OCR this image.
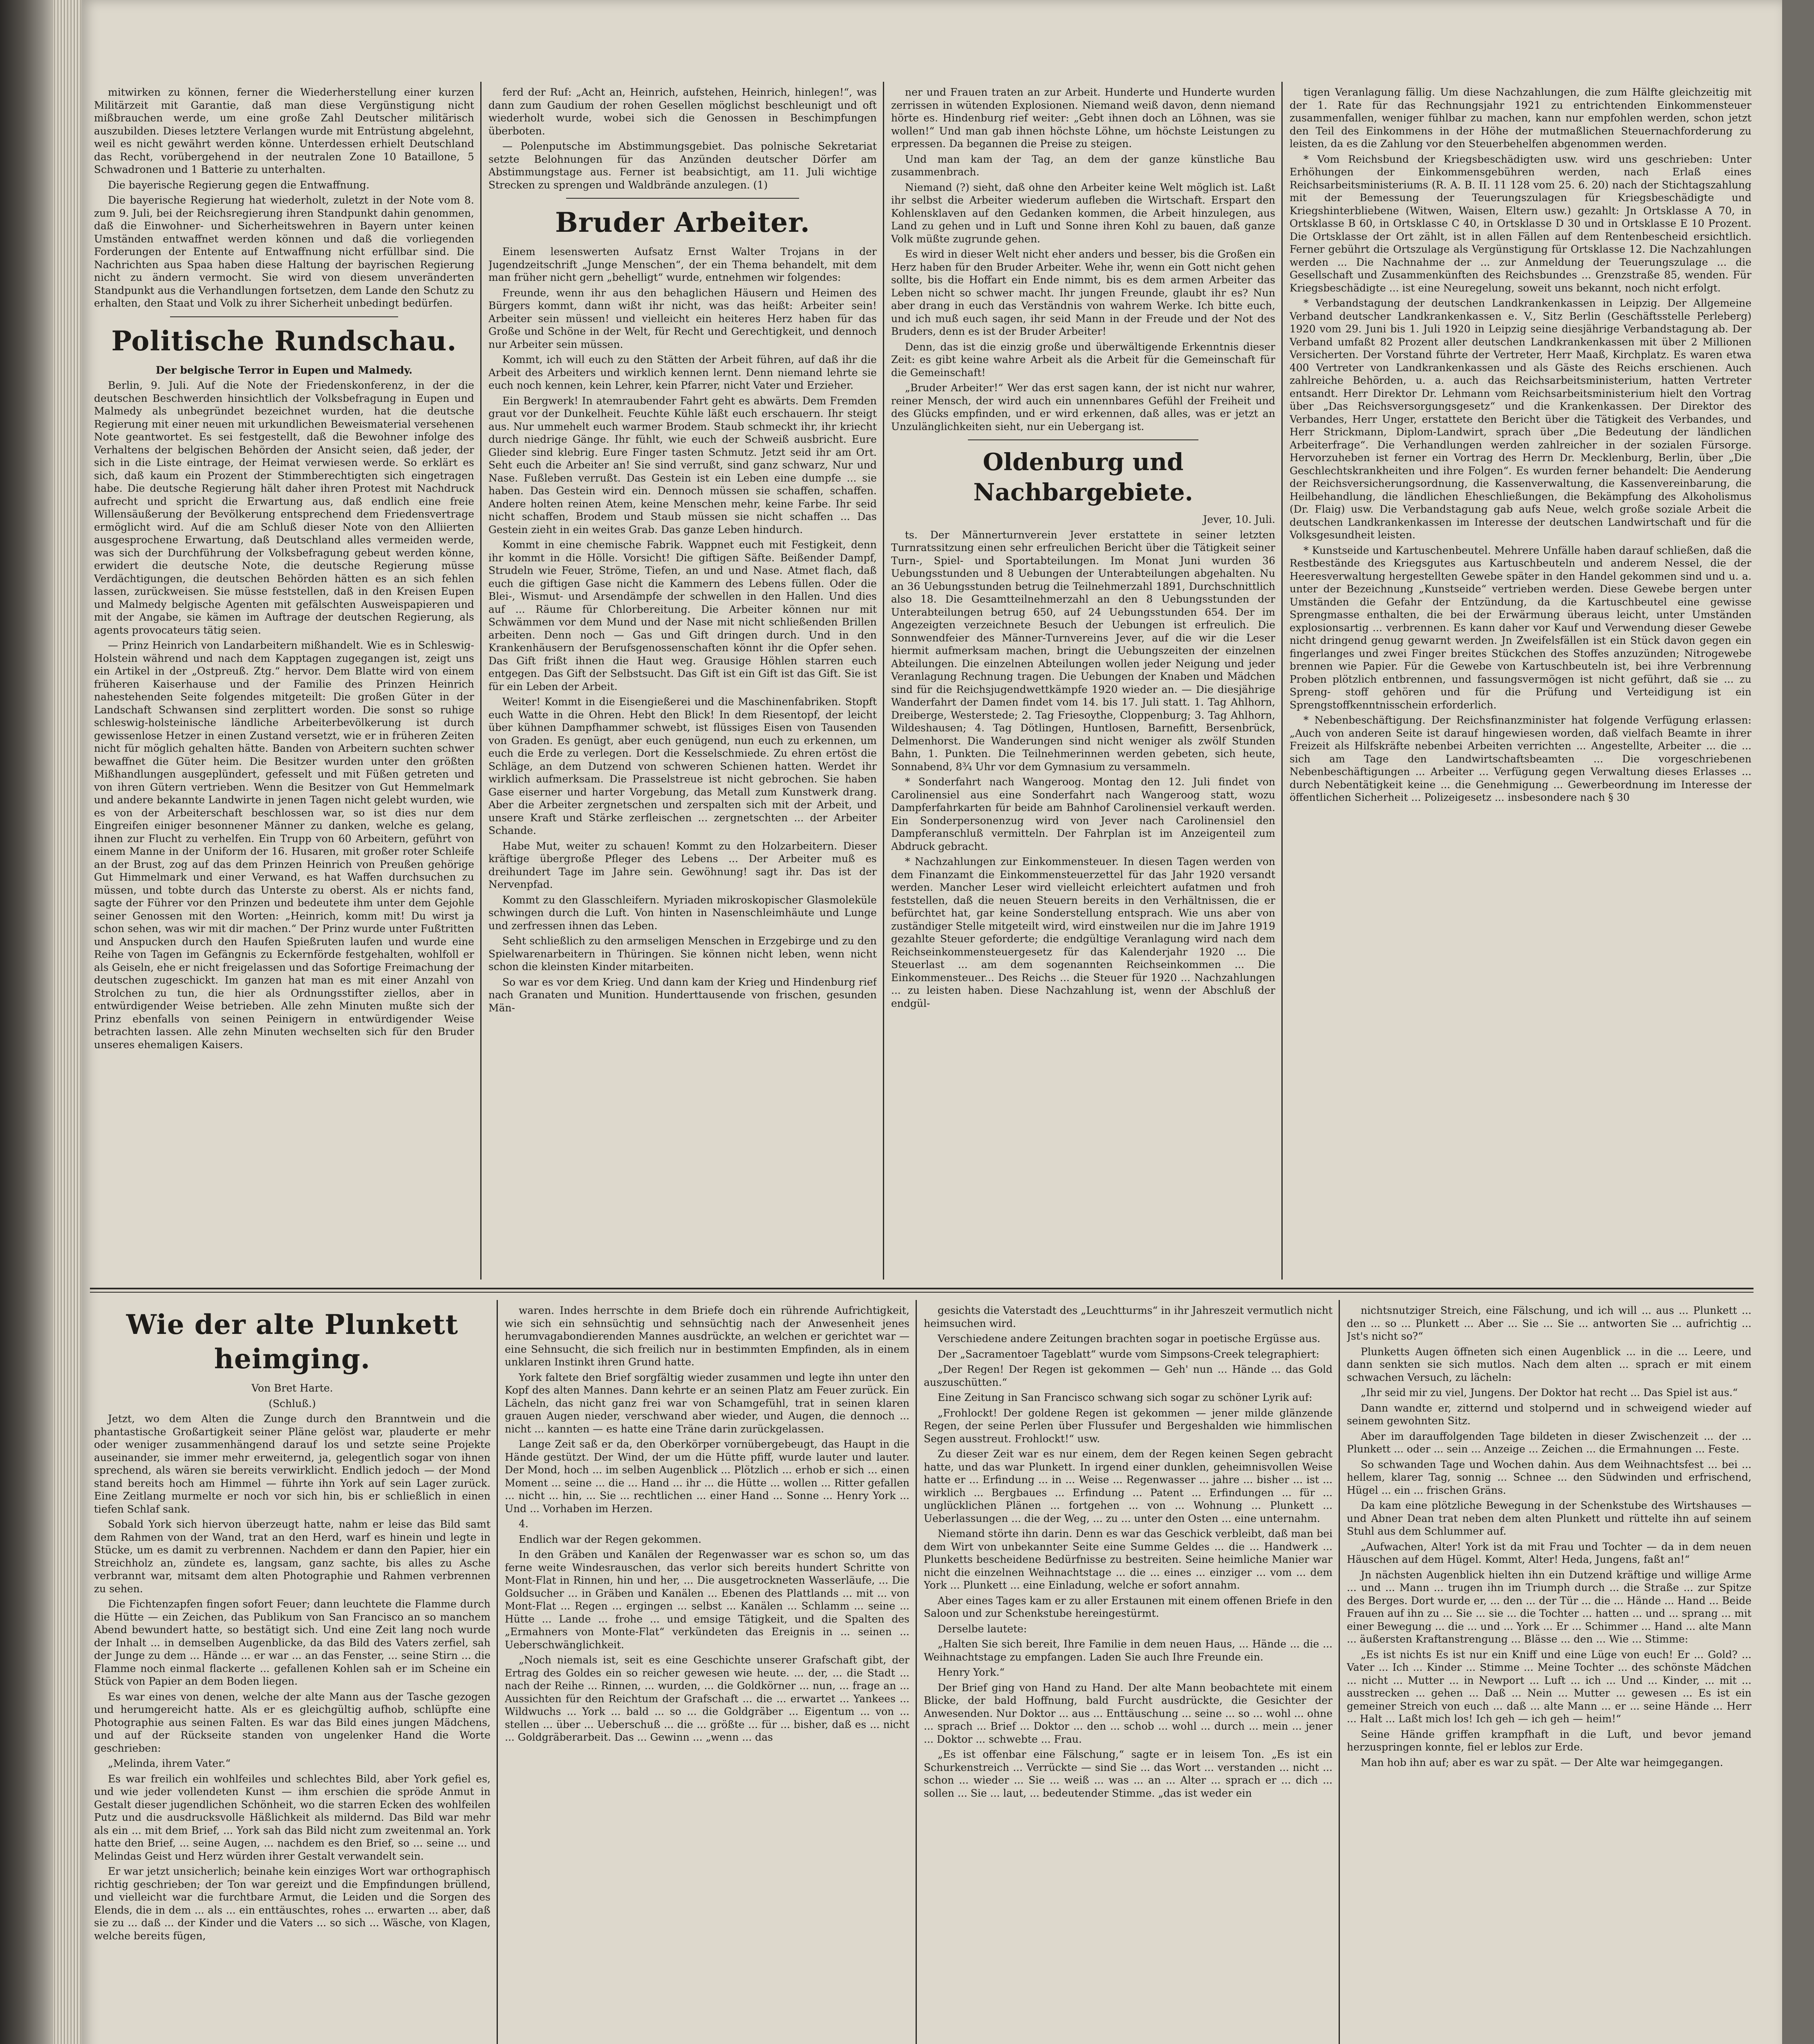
mitwirken zu können, ferner die Wiederherstellung einer kurzen Militärzeit mit Garantie, daß man diese Vergünstigung nicht mißbrauchen werde, um eine große Zahl Deutscher militärisch auszubilden. Dieses letztere Verlangen wurde mit Entrüstung abgelehnt, weil es nicht gewährt werden könne. Unterdessen erhielt Deutschland das Recht, vorübergehend in der neutralen Zone 10 Bataillone, 5 Schwadronen und 1 Batterie zu unterhalten.

Die bayerische Regierung gegen die Entwaffnung.

Die bayerische Regierung hat wiederholt, zuletzt in der Note vom 8. zum 9. Juli, bei der Reichsregierung ihren Standpunkt dahin genommen, daß die Einwohner- und Sicherheitswehren in Bayern unter keinen Umständen entwaffnet werden können und daß die vorliegenden Forderungen der Entente auf Entwaffnung nicht erfüllbar sind. Die Nachrichten aus Spaa haben diese Haltung der bayrischen Regierung nicht zu ändern vermocht. Sie wird von diesem unveränderten Standpunkt aus die Verhandlungen fortsetzen, dem Lande den Schutz zu erhalten, den Staat und Volk zu ihrer Sicherheit unbedingt bedürfen.

Politische Rundschau.

Der belgische Terror in Eupen und Malmedy.

Berlin, 9. Juli. Auf die Note der Friedenskonferenz, in der die deutschen Beschwerden hinsichtlich der Volksbefragung in Eupen und Malmedy als unbegründet bezeichnet wurden, hat die deutsche Regierung mit einer neuen mit urkundlichen Beweismaterial versehenen Note geantwortet. Es sei festgestellt, daß die Bewohner infolge des Verhaltens der belgischen Behörden der Ansicht seien, daß jeder, der sich in die Liste eintrage, der Heimat verwiesen werde. So erklärt es sich, daß kaum ein Prozent der Stimmberechtigten sich eingetragen habe. Die deutsche Regierung hält daher ihren Protest mit Nachdruck aufrecht und spricht die Erwartung aus, daß endlich eine freie Willensäußerung der Bevölkerung entsprechend dem Friedensvertrage ermöglicht wird. Auf die am Schluß dieser Note von den Alliierten ausgesprochene Erwartung, daß Deutschland alles vermeiden werde, was sich der Durchführung der Volksbefragung gebeut werden könne, erwidert die deutsche Note, die deutsche Regierung müsse Verdächtigungen, die deutschen Behörden hätten es an sich fehlen lassen, zurückweisen. Sie müsse feststellen, daß in den Kreisen Eupen und Malmedy belgische Agenten mit gefälschten Ausweispapieren und mit der Angabe, sie kämen im Auftrage der deutschen Regierung, als agents provocateurs tätig seien.

— Prinz Heinrich von Landarbeitern mißhandelt. Wie es in Schleswig-Holstein während und nach dem Kapptagen zugegangen ist, zeigt uns ein Artikel in der „Ostpreuß. Ztg.“ hervor. Dem Blatte wird von einem früheren Kaiserhause und der Familie des Prinzen Heinrich nahestehenden Seite folgendes mitgeteilt: Die großen Güter in der Landschaft Schwansen sind zerplittert worden. Die sonst so ruhige schleswig-holsteinische ländliche Arbeiterbevölkerung ist durch gewissenlose Hetzer in einen Zustand versetzt, wie er in früheren Zeiten nicht für möglich gehalten hätte. Banden von Arbeitern suchten schwer bewaffnet die Güter heim. Die Besitzer wurden unter den größten Mißhandlungen ausgeplündert, gefesselt und mit Füßen getreten und von ihren Gütern vertrieben. Wenn die Besitzer von Gut Hemmelmark und andere bekannte Landwirte in jenen Tagen nicht gelebt wurden, wie es von der Arbeiterschaft beschlossen war, so ist dies nur dem Eingreifen einiger besonnener Männer zu danken, welche es gelang, ihnen zur Flucht zu verhelfen. Ein Trupp von 60 Arbeitern, geführt von einem Manne in der Uniform der 16. Husaren, mit großer roter Schleife an der Brust, zog auf das dem Prinzen Heinrich von Preußen gehörige Gut Himmelmark und einer Verwand, es hat Waffen durchsuchen zu müssen, und tobte durch das Unterste zu oberst. Als er nichts fand, sagte der Führer vor den Prinzen und bedeutete ihm unter dem Gejohle seiner Genossen mit den Worten: „Heinrich, komm mit! Du wirst ja schon sehen, was wir mit dir machen.“ Der Prinz wurde unter Fußtritten und Anspucken durch den Haufen Spießruten laufen und wurde eine Reihe von Tagen im Gefängnis zu Eckernförde festgehalten, wohlfoll er als Geiseln, ehe er nicht freigelassen und das Sofortige Freimachung der deutschen zugeschickt. Im ganzen hat man es mit einer Anzahl von Strolchen zu tun, die hier als Ordnungsstifter ziellos, aber in entwürdigender Weise betrieben. Alle zehn Minuten mußte sich der Prinz ebenfalls von seinen Peinigern in entwürdigender Weise betrachten lassen. Alle zehn Minuten wechselten sich für den Bruder unseres ehemaligen Kaisers.

ferd der Ruf: „Acht an, Heinrich, aufstehen, Heinrich, hinlegen!“, was dann zum Gaudium der rohen Gesellen möglichst beschleunigt und oft wiederholt wurde, wobei sich die Genossen in Beschimpfungen überboten.

— Polenputsche im Abstimmungsgebiet. Das polnische Sekretariat setzte Belohnungen für das Anzünden deutscher Dörfer am Abstimmungstage aus. Ferner ist beabsichtigt, am 11. Juli wichtige Strecken zu sprengen und Waldbrände anzulegen. (1)

Bruder Arbeiter.

Einem lesenswerten Aufsatz Ernst Walter Trojans in der Jugendzeitschrift „Junge Menschen“, der ein Thema behandelt, mit dem man früher nicht gern „behelligt“ wurde, entnehmen wir folgendes:

Freunde, wenn ihr aus den behaglichen Häusern und Heimen des Bürgers kommt, dann wißt ihr nicht, was das heißt: Arbeiter sein! Arbeiter sein müssen! und vielleicht ein heiteres Herz haben für das Große und Schöne in der Welt, für Recht und Gerechtigkeit, und dennoch nur Arbeiter sein müssen.

Kommt, ich will euch zu den Stätten der Arbeit führen, auf daß ihr die Arbeit des Arbeiters und wirklich kennen lernt. Denn niemand lehrte sie euch noch kennen, kein Lehrer, kein Pfarrer, nicht Vater und Erzieher.

Ein Bergwerk! In atemraubender Fahrt geht es abwärts. Dem Fremden graut vor der Dunkelheit. Feuchte Kühle läßt euch erschauern. Ihr steigt aus. Nur ummehelt euch warmer Brodem. Staub schmeckt ihr, ihr kriecht durch niedrige Gänge. Ihr fühlt, wie euch der Schweiß ausbricht. Eure Glieder sind klebrig. Eure Finger tasten Schmutz. Jetzt seid ihr am Ort. Seht euch die Arbeiter an! Sie sind verrußt, sind ganz schwarz, Nur und Nase. Fußleben verrußt. Das Gestein ist ein Leben eine dumpfe ... sie haben. Das Gestein wird ein. Dennoch müssen sie schaffen, schaffen. Andere holten reinen Atem, keine Menschen mehr, keine Farbe. Ihr seid nicht schaffen, Brodem und Staub müssen sie nicht schaffen ... Das Gestein zieht in ein weites Grab. Das ganze Leben hindurch.

Kommt in eine chemische Fabrik. Wappnet euch mit Festigkeit, denn ihr kommt in die Hölle. Vorsicht! Die giftigen Säfte. Beißender Dampf, Strudeln wie Feuer, Ströme, Tiefen, an und und Nase. Atmet flach, daß euch die giftigen Gase nicht die Kammern des Lebens füllen. Oder die Blei-, Wismut- und Arsendämpfe der schwellen in den Hallen. Und dies auf ... Räume für Chlorbereitung. Die Arbeiter können nur mit Schwämmen vor dem Mund und der Nase mit nicht schließenden Brillen arbeiten. Denn noch — Gas und Gift dringen durch. Und in den Krankenhäusern der Berufsgenossenschaften könnt ihr die Opfer sehen. Das Gift frißt ihnen die Haut weg. Grausige Höhlen starren euch entgegen. Das Gift der Selbstsucht. Das Gift ist ein Gift ist das Gift. Sie ist für ein Leben der Arbeit.

Weiter! Kommt in die Eisengießerei und die Maschinenfabriken. Stopft euch Watte in die Ohren. Hebt den Blick! In dem Riesentopf, der leicht über kühnen Dampfhammer schwebt, ist flüssiges Eisen von Tausenden von Graden. Es genügt, aber euch genügend, nun euch zu erkennen, um euch die Erde zu verlegen. Dort die Kesselschmiede. Zu ehren ertöst die Schläge, an dem Dutzend von schweren Schienen hatten. Werdet ihr wirklich aufmerksam. Die Prasselstreue ist nicht gebrochen. Sie haben Gase eiserner und harter Vorgebung, das Metall zum Kunstwerk drang. Aber die Arbeiter zergnetschen und zerspalten sich mit der Arbeit, und unsere Kraft und Stärke zerfleischen ... zergnetschten ... der Arbeiter Schande.

Habe Mut, weiter zu schauen! Kommt zu den Holzarbeitern. Dieser kräftige übergroße Pfleger des Lebens ... Der Arbeiter muß es dreihundert Tage im Jahre sein. Gewöhnung! sagt ihr. Das ist der Nervenpfad.

Kommt zu den Glasschleifern. Myriaden mikroskopischer Glasmoleküle schwingen durch die Luft. Von hinten in Nasenschleimhäute und Lunge und zerfressen ihnen das Leben.

Seht schließlich zu den armseligen Menschen in Erzgebirge und zu den Spielwarenarbeitern in Thüringen. Sie können nicht leben, wenn nicht schon die kleinsten Kinder mitarbeiten.

So war es vor dem Krieg. Und dann kam der Krieg und Hindenburg rief nach Granaten und Munition. Hunderttausende von frischen, gesunden Män-

ner und Frauen traten an zur Arbeit. Hunderte und Hunderte wurden zerrissen in wütenden Explosionen. Niemand weiß davon, denn niemand hörte es. Hindenburg rief weiter: „Gebt ihnen doch an Löhnen, was sie wollen!“ Und man gab ihnen höchste Löhne, um höchste Leistungen zu erpressen. Da begannen die Preise zu steigen.

Und man kam der Tag, an dem der ganze künstliche Bau zusammenbrach.

Niemand (?) sieht, daß ohne den Arbeiter keine Welt möglich ist. Laßt ihr selbst die Arbeiter wiederum aufleben die Wirtschaft. Erspart den Kohlensklaven auf den Gedanken kommen, die Arbeit hinzulegen, aus Land zu gehen und in Luft und Sonne ihren Kohl zu bauen, daß ganze Volk müßte zugrunde gehen.

Es wird in dieser Welt nicht eher anders und besser, bis die Großen ein Herz haben für den Bruder Arbeiter. Wehe ihr, wenn ein Gott nicht gehen sollte, bis die Hoffart ein Ende nimmt, bis es dem armen Arbeiter das Leben nicht so schwer macht. Ihr jungen Freunde, glaubt ihr es? Nun aber drang in euch das Verständnis von wahrem Werke. Ich bitte euch, und ich muß euch sagen, ihr seid Mann in der Freude und der Not des Bruders, denn es ist der Bruder Arbeiter!

Denn, das ist die einzig große und überwältigende Erkenntnis dieser Zeit: es gibt keine wahre Arbeit als die Arbeit für die Gemeinschaft für die Gemeinschaft!

„Bruder Arbeiter!“ Wer das erst sagen kann, der ist nicht nur wahrer, reiner Mensch, der wird auch ein unnennbares Gefühl der Freiheit und des Glücks empfinden, und er wird erkennen, daß alles, was er jetzt an Unzulänglichkeiten sieht, nur ein Uebergang ist.

Oldenburg und Nachbargebiete.

Jever, 10. Juli.

ts. Der Männerturnverein Jever erstattete in seiner letzten Turnratssitzung einen sehr erfreulichen Bericht über die Tätigkeit seiner Turn-, Spiel- und Sportabteilungen. Im Monat Juni wurden 36 Uebungsstunden und 8 Uebungen der Unterabteilungen abgehalten. Nu an 36 Uebungsstunden betrug die Teilnehmerzahl 1891, Durchschnittlich also 18. Die Gesamtteilnehmerzahl an den 8 Uebungsstunden der Unterabteilungen betrug 650, auf 24 Uebungsstunden 654. Der im Angezeigten verzeichnete Besuch der Uebungen ist erfreulich. Die Sonnwendfeier des Männer-Turnvereins Jever, auf die wir die Leser hiermit aufmerksam machen, bringt die Uebungszeiten der einzelnen Abteilungen. Die einzelnen Abteilungen wollen jeder Neigung und jeder Veranlagung Rechnung tragen. Die Uebungen der Knaben und Mädchen sind für die Reichsjugendwettkämpfe 1920 wieder an. — Die diesjährige Wanderfahrt der Damen findet vom 14. bis 17. Juli statt. 1. Tag Ahlhorn, Dreiberge, Westerstede; 2. Tag Friesoythe, Cloppenburg; 3. Tag Ahlhorn, Wildeshausen; 4. Tag Dötlingen, Huntlosen, Barnefitt, Bersenbrück, Delmenhorst. Die Wanderungen sind nicht weniger als zwölf Stunden Bahn, 1. Punkten. Die Teilnehmerinnen werden gebeten, sich heute, Sonnabend, 8¾ Uhr vor dem Gymnasium zu versammeln.

* Sonderfahrt nach Wangeroog. Montag den 12. Juli findet von Carolinensiel aus eine Sonderfahrt nach Wangeroog statt, wozu Dampferfahrkarten für beide am Bahnhof Carolinensiel verkauft werden. Ein Sonderpersonenzug wird von Jever nach Carolinensiel den Dampferanschluß vermitteln. Der Fahrplan ist im Anzeigenteil zum Abdruck gebracht.

* Nachzahlungen zur Einkommensteuer. In diesen Tagen werden von dem Finanzamt die Einkommensteuerzettel für das Jahr 1920 versandt werden. Mancher Leser wird vielleicht erleichtert aufatmen und froh feststellen, daß die neuen Steuern bereits in den Verhältnissen, die er befürchtet hat, gar keine Sonderstellung entsprach. Wie uns aber von zuständiger Stelle mitgeteilt wird, wird einstweilen nur die im Jahre 1919 gezahlte Steuer geforderte; die endgültige Veranlagung wird nach dem Reichseinkommensteuergesetz für das Kalenderjahr 1920 ... Die Steuerlast ... am dem sogenannten Reichseinkommen ... Die Einkommensteuer... Des Reichs ... die Steuer für 1920 ... Nachzahlungen ... zu leisten haben. Diese Nachzahlung ist, wenn der Abschluß der endgül-

tigen Veranlagung fällig. Um diese Nachzahlungen, die zum Hälfte gleichzeitig mit der 1. Rate für das Rechnungsjahr 1921 zu entrichtenden Einkommensteuer zusammenfallen, weniger fühlbar zu machen, kann nur empfohlen werden, schon jetzt den Teil des Einkommens in der Höhe der mutmaßlichen Steuernachforderung zu leisten, da es die Zahlung vor den Steuerbehelfen abgenommen werden.

* Vom Reichsbund der Kriegsbeschädigten usw. wird uns geschrieben: Unter Erhöhungen der Einkommensgebühren werden, nach Erlaß eines Reichsarbeitsministeriums (R. A. B. II. 11 128 vom 25. 6. 20) nach der Stichtagszahlung mit der Bemessung der Teuerungszulagen für Kriegsbeschädigte und Kriegshinterbliebene (Witwen, Waisen, Eltern usw.) gezahlt: Jn Ortsklasse A 70, in Ortsklasse B 60, in Ortsklasse C 40, in Ortsklasse D 30 und in Ortsklasse E 10 Prozent. Die Ortsklasse der Ort zählt, ist in allen Fällen auf dem Rentenbescheid ersichtlich. Ferner gebührt die Ortszulage als Vergünstigung für Ortsklasse 12. Die Nachzahlungen werden ... Die Nachnahme der ... zur Anmeldung der Teuerungszulage ... die Gesellschaft und Zusammenkünften des Reichsbundes ... Grenzstraße 85, wenden. Für Kriegsbeschädigte ... ist eine Neuregelung, soweit uns bekannt, noch nicht erfolgt.

* Verbandstagung der deutschen Landkrankenkassen in Leipzig. Der Allgemeine Verband deutscher Landkrankenkassen e. V., Sitz Berlin (Geschäftsstelle Perleberg) 1920 vom 29. Juni bis 1. Juli 1920 in Leipzig seine diesjährige Verbandstagung ab. Der Verband umfaßt 82 Prozent aller deutschen Landkrankenkassen mit über 2 Millionen Versicherten. Der Vorstand führte der Vertreter, Herr Maaß, Kirchplatz. Es waren etwa 400 Vertreter von Landkrankenkassen und als Gäste des Reichs erschienen. Auch zahlreiche Behörden, u. a. auch das Reichsarbeitsministerium, hatten Vertreter entsandt. Herr Direktor Dr. Lehmann vom Reichsarbeitsministerium hielt den Vortrag über „Das Reichsversorgungsgesetz“ und die Krankenkassen. Der Direktor des Verbandes, Herr Unger, erstattete den Bericht über die Tätigkeit des Verbandes, und Herr Strickmann, Diplom-Landwirt, sprach über „Die Bedeutung der ländlichen Arbeiterfrage“. Die Verhandlungen werden zahlreicher in der sozialen Fürsorge. Hervorzuheben ist ferner ein Vortrag des Herrn Dr. Mecklenburg, Berlin, über „Die Geschlechtskrankheiten und ihre Folgen“. Es wurden ferner behandelt: Die Aenderung der Reichsversicherungsordnung, die Kassenverwaltung, die Kassenvereinbarung, die Heilbehandlung, die ländlichen Eheschließungen, die Bekämpfung des Alkoholismus (Dr. Flaig) usw. Die Verbandstagung gab aufs Neue, welch große soziale Arbeit die deutschen Landkrankenkassen im Interesse der deutschen Landwirtschaft und für die Volksgesundheit leisten.

* Kunstseide und Kartuschenbeutel. Mehrere Unfälle haben darauf schließen, daß die Restbestände des Kriegsgutes aus Kartuschbeuteln und anderem Nessel, die der Heeresverwaltung hergestellten Gewebe später in den Handel gekommen sind und u. a. unter der Bezeichnung „Kunstseide“ vertrieben werden. Diese Gewebe bergen unter Umständen die Gefahr der Entzündung, da die Kartuschbeutel eine gewisse Sprengmasse enthalten, die bei der Erwärmung überaus leicht, unter Umständen explosionsartig ... verbrennen. Es kann daher vor Kauf und Verwendung dieser Gewebe nicht dringend genug gewarnt werden. Jn Zweifelsfällen ist ein Stück davon gegen ein fingerlanges und zwei Finger breites Stückchen des Stoffes anzuzünden; Nitrogewebe brennen wie Papier. Für die Gewebe von Kartuschbeuteln ist, bei ihre Verbrennung Proben plötzlich entbrennen, und fassungsvermögen ist nicht geführt, daß sie ... zu Spreng- stoff gehören und für die Prüfung und Verteidigung ist ein Sprengstoffkenntnisschein erforderlich.

* Nebenbeschäftigung. Der Reichsfinanzminister hat folgende Verfügung erlassen: „Auch von anderen Seite ist darauf hingewiesen worden, daß vielfach Beamte in ihrer Freizeit als Hilfskräfte nebenbei Arbeiten verrichten ... Angestellte, Arbeiter ... die ... sich am Tage den Landwirtschaftsbeamten ... Die vorgeschriebenen Nebenbeschäftigungen ... Arbeiter ... Verfügung gegen Verwaltung dieses Erlasses ... durch Nebentätigkeit keine ... die Genehmigung ... Gewerbeordnung im Interesse der öffentlichen Sicherheit ... Polizeigesetz ... insbesondere nach § 30

Wie der alte Plunkett heimging.

Von Bret Harte.

(Schluß.)

Jetzt, wo dem Alten die Zunge durch den Branntwein und die phantastische Großartigkeit seiner Pläne gelöst war, plauderte er mehr oder weniger zusammenhängend darauf los und setzte seine Projekte auseinander, sie immer mehr erweiternd, ja, gelegentlich sogar von ihnen sprechend, als wären sie bereits verwirklicht. Endlich jedoch — der Mond stand bereits hoch am Himmel — führte ihn York auf sein Lager zurück. Eine Zeitlang murmelte er noch vor sich hin, bis er schließlich in einen tiefen Schlaf sank.

Sobald York sich hiervon überzeugt hatte, nahm er leise das Bild samt dem Rahmen von der Wand, trat an den Herd, warf es hinein und legte in Stücke, um es damit zu verbrennen. Nachdem er dann den Papier, hier ein Streichholz an, zündete es, langsam, ganz sachte, bis alles zu Asche verbrannt war, mitsamt dem alten Photographie und Rahmen verbrennen zu sehen.

Die Fichtenzapfen fingen sofort Feuer; dann leuchtete die Flamme durch die Hütte — ein Zeichen, das Publikum von San Francisco an so manchem Abend bewundert hatte, so bestätigt sich. Und eine Zeit lang noch wurde der Inhalt ... in demselben Augenblicke, da das Bild des Vaters zerfiel, sah der Junge zu dem ... Hände ... er war ... an das Fenster, ... seine Stirn ... die Flamme noch einmal flackerte ... gefallenen Kohlen sah er im Scheine ein Stück von Papier an dem Boden liegen.

Es war eines von denen, welche der alte Mann aus der Tasche gezogen und herumgereicht hatte. Als er es gleichgültig aufhob, schlüpfte eine Photographie aus seinen Falten. Es war das Bild eines jungen Mädchens, und auf der Rückseite standen von ungelenker Hand die Worte geschrieben:

„Melinda, ihrem Vater.“

Es war freilich ein wohlfeiles und schlechtes Bild, aber York gefiel es, und wie jeder vollendeten Kunst — ihm erschien die spröde Anmut in Gestalt dieser jugendlichen Schönheit, wo die starren Ecken des wohlfeilen Putz und die ausdrucksvolle Häßlichkeit als mildernd. Das Bild war mehr als ein ... mit dem Brief, ... York sah das Bild nicht zum zweitenmal an. York hatte den Brief, ... seine Augen, ... nachdem es den Brief, so ... seine ... und Melindas Geist und Herz würden ihrer Gestalt verwandelt sein.

Er war jetzt unsicherlich; beinahe kein einziges Wort war orthographisch richtig geschrieben; der Ton war gereizt und die Empfindungen brüllend, und vielleicht war die furchtbare Armut, die Leiden und die Sorgen des Elends, die in dem ... als ... ein enttäuschtes, rohes ... erwarten ... aber, daß sie zu ... daß ... der Kinder und die Vaters ... so sich ... Wäsche, von Klagen, welche bereits fügen,

waren. Indes herrschte in dem Briefe doch ein rührende Aufrichtigkeit, wie sich ein sehnsüchtig und sehnsüchtig nach der Anwesenheit jenes herumvagabondierenden Mannes ausdrückte, an welchen er gerichtet war — eine Sehnsucht, die sich freilich nur in bestimmten Empfinden, als in einem unklaren Instinkt ihren Grund hatte.

York faltete den Brief sorgfältig wieder zusammen und legte ihn unter den Kopf des alten Mannes. Dann kehrte er an seinen Platz am Feuer zurück. Ein Lächeln, das nicht ganz frei war von Schamgefühl, trat in seinen klaren grauen Augen nieder, verschwand aber wieder, und Augen, die dennoch ... nicht ... kannten — es hatte eine Träne darin zurückgelassen.

Lange Zeit saß er da, den Oberkörper vornübergebeugt, das Haupt in die Hände gestützt. Der Wind, der um die Hütte pfiff, wurde lauter und lauter. Der Mond, hoch ... im selben Augenblick ... Plötzlich ... erhob er sich ... einen Moment ... seine ... die ... Hand ... ihr ... die Hütte ... wollen ... Ritter gefallen ... nicht ... hin, ... Sie ... rechtlichen ... einer Hand ... Sonne ... Henry York ... Und ... Vorhaben im Herzen.

4.

Endlich war der Regen gekommen.

In den Gräben und Kanälen der Regenwasser war es schon so, um das ferne weite Windesrauschen, das verlor sich bereits hundert Schritte von Mont-Flat in Rinnen, hin und her, ... Die ausgetrockneten Wasserläufe, ... Die Goldsucher ... in Gräben und Kanälen ... Ebenen des Plattlands ... mit ... von Mont-Flat ... Regen ... ergingen ... selbst ... Kanälen ... Schlamm ... seine ... Hütte ... Lande ... frohe ... und emsige Tätigkeit, und die Spalten des „Ermahners von Monte-Flat“ verkündeten das Ereignis in ... seinen ... Ueberschwänglichkeit.

„Noch niemals ist, seit es eine Geschichte unserer Grafschaft gibt, der Ertrag des Goldes ein so reicher gewesen wie heute. ... der, ... die Stadt ... nach der Reihe ... Rinnen, ... wurden, ... die Goldkörner ... nun, ... frage an ... Aussichten für den Reichtum der Grafschaft ... die ... erwartet ... Yankees ... Wildwuchs ... York ... bald ... so ... die Goldgräber ... Eigentum ... von ... stellen ... über ... Ueberschuß ... die ... größte ... für ... bisher, daß es ... nicht ... Goldgräberarbeit. Das ... Gewinn ... „wenn ... das

gesichts die Vaterstadt des „Leuchtturms“ in ihr Jahreszeit vermutlich nicht heimsuchen wird.

Verschiedene andere Zeitungen brachten sogar in poetische Ergüsse aus.

Der „Sacramentoer Tageblatt“ wurde vom Simpsons-Creek telegraphiert:

„Der Regen! Der Regen ist gekommen — Geh' nun ... Hände ... das Gold auszuschütten.“

Eine Zeitung in San Francisco schwang sich sogar zu schöner Lyrik auf:

„Frohlockt! Der goldene Regen ist gekommen — jener milde glänzende Regen, der seine Perlen über Flussufer und Bergeshalden wie himmlischen Segen ausstreut. Frohlockt!“ usw.

Zu dieser Zeit war es nur einem, dem der Regen keinen Segen gebracht hatte, und das war Plunkett. In irgend einer dunklen, geheimnisvollen Weise hatte er ... Erfindung ... in ... Weise ... Regenwasser ... jahre ... bisher ... ist ... wirklich ... Bergbaues ... Erfindung ... Patent ... Erfindungen ... für ... unglücklichen Plänen ... fortgehen ... von ... Wohnung ... Plunkett ... Ueberlassungen ... die der Weg, ... zu ... unter den Osten ... eine unternahm.

Niemand störte ihn darin. Denn es war das Geschick verbleibt, daß man bei dem Wirt von unbekannter Seite eine Summe Geldes ... die ... Handwerk ... Plunketts bescheidene Bedürfnisse zu bestreiten. Seine heimliche Manier war nicht die einzelnen Weihnachtstage ... die ... eines ... einziger ... vom ... dem York ... Plunkett ... eine Einladung, welche er sofort annahm.

Aber eines Tages kam er zu aller Erstaunen mit einem offenen Briefe in den Saloon und zur Schenkstube hereingestürmt.

Derselbe lautete:

„Halten Sie sich bereit, Ihre Familie in dem neuen Haus, ... Hände ... die ... Weihnachtstage zu empfangen. Laden Sie auch Ihre Freunde ein.

Henry York.“

Der Brief ging von Hand zu Hand. Der alte Mann beobachtete mit einem Blicke, der bald Hoffnung, bald Furcht ausdrückte, die Gesichter der Anwesenden. Nur Doktor ... aus ... Enttäuschung ... seine ... so ... wohl ... ohne ... sprach ... Brief ... Doktor ... den ... schob ... wohl ... durch ... mein ... jener ... Doktor ... schwebte ... Frau.

„Es ist offenbar eine Fälschung,“ sagte er in leisem Ton. „Es ist ein Schurkenstreich ... Verrückte — sind Sie ... das Wort ... verstanden ... nicht ... schon ... wieder ... Sie ... weiß ... was ... an ... Alter ... sprach er ... dich ... sollen ... Sie ... laut, ... bedeutender Stimme. „das ist weder ein

nichtsnutziger Streich, eine Fälschung, und ich will ... aus ... Plunkett ... den ... so ... Plunkett ... Aber ... Sie ... Sie ... antworten Sie ... aufrichtig ... Jst's nicht so?“

Plunketts Augen öffneten sich einen Augenblick ... in die ... Leere, und dann senkten sie sich mutlos. Nach dem alten ... sprach er mit einem schwachen Versuch, zu lächeln:

„Ihr seid mir zu viel, Jungens. Der Doktor hat recht ... Das Spiel ist aus.“

Dann wandte er, zitternd und stolpernd und in schweigend wieder auf seinem gewohnten Sitz.

Aber im darauffolgenden Tage bildeten in dieser Zwischenzeit ... der ... Plunkett ... oder ... sein ... Anzeige ... Zeichen ... die Ermahnungen ... Feste.

So schwanden Tage und Wochen dahin. Aus dem Weihnachtsfest ... bei ... hellem, klarer Tag, sonnig ... Schnee ... den Südwinden und erfrischend, Hügel ... ein ... frischen Gräns.

Da kam eine plötzliche Bewegung in der Schenkstube des Wirtshauses — und Abner Dean trat neben dem alten Plunkett und rüttelte ihn auf seinem Stuhl aus dem Schlummer auf.

„Aufwachen, Alter! York ist da mit Frau und Tochter — da in dem neuen Häuschen auf dem Hügel. Kommt, Alter! Heda, Jungens, faßt an!“

Jn nächsten Augenblick hielten ihn ein Dutzend kräftige und willige Arme ... und ... Mann ... trugen ihn im Triumph durch ... die Straße ... zur Spitze des Berges. Dort wurde er, ... den ... der Tür ... die ... Hände ... Hand ... Beide Frauen auf ihn zu ... Sie ... sie ... die Tochter ... hatten ... und ... sprang ... mit einer Bewegung ... die ... und ... York ... Er ... Schimmer ... Hand ... alte Mann ... äußersten Kraftanstrengung ... Blässe ... den ... Wie ... Stimme:

„Es ist nichts Es ist nur ein Kniff und eine Lüge von euch! Er ... Gold? ... Vater ... Ich ... Kinder ... Stimme ... Meine Tochter ... des schönste Mädchen ... nicht ... Mutter ... in Newport ... Luft ... ich ... Und ... Kinder, ... mit ... ausstrecken ... gehen ... Daß ... Nein ... Mutter ... gewesen ... Es ist ein gemeiner Streich von euch ... daß ... alte Mann ... er ... seine Hände ... Herr ... Halt ... Laßt mich los! Ich geh — ich geh — heim!“

Seine Hände griffen krampfhaft in die Luft, und bevor jemand herzuspringen konnte, fiel er leblos zur Erde.

Man hob ihn auf; aber es war zu spät. — Der Alte war heimgegangen.
